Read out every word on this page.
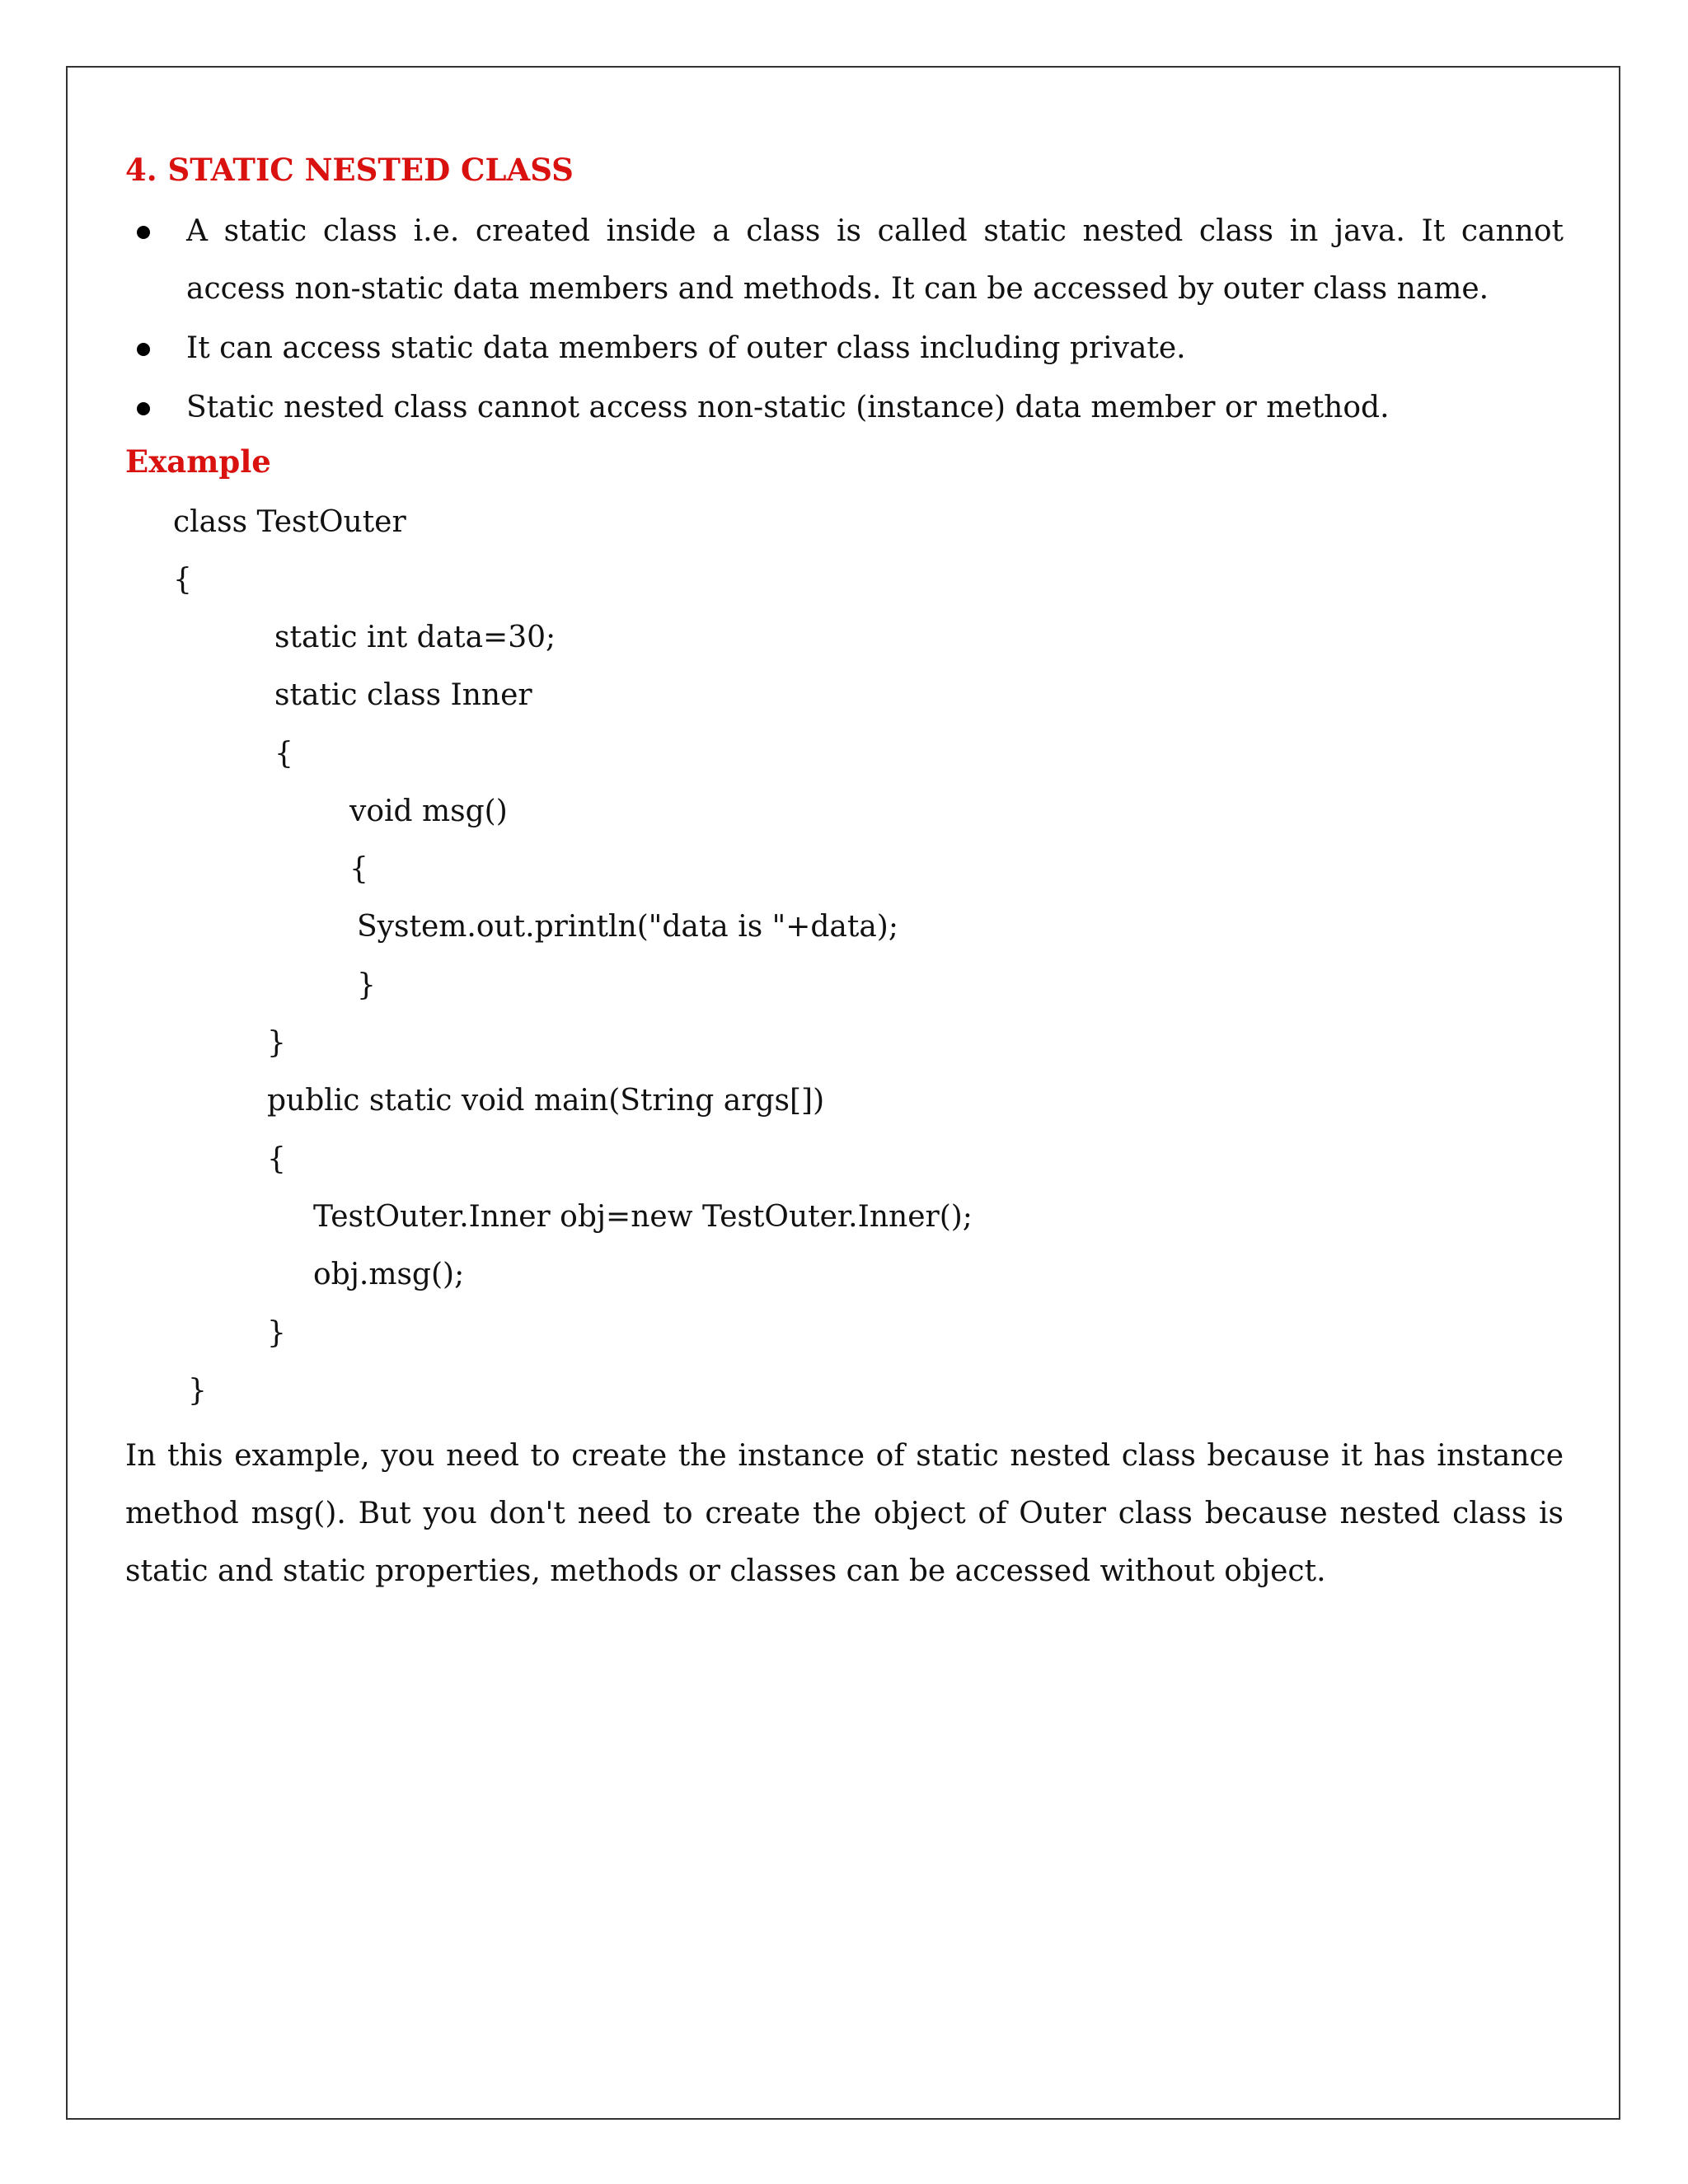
4. STATIC NESTED CLASS
A static class i.e. created inside a class is called static nested class in java. It cannot access non-static data members and methods. It can be accessed by outer class name.
It can access static data members of outer class including private.
Static nested class cannot access non-static (instance) data member or method.
Example

class TestOuter

{

static int data=30;

static class Inner

{

void msg()

{

System.out.println("data is "+data);

}

}

public static void main(String args[])

{

TestOuter.Inner obj=new TestOuter.Inner();

obj.msg();

}

}

In this example, you need to create the instance of static nested class because it has instance method msg(). But you don't need to create the object of Outer class because nested class is static and static properties, methods or classes can be accessed without object.
